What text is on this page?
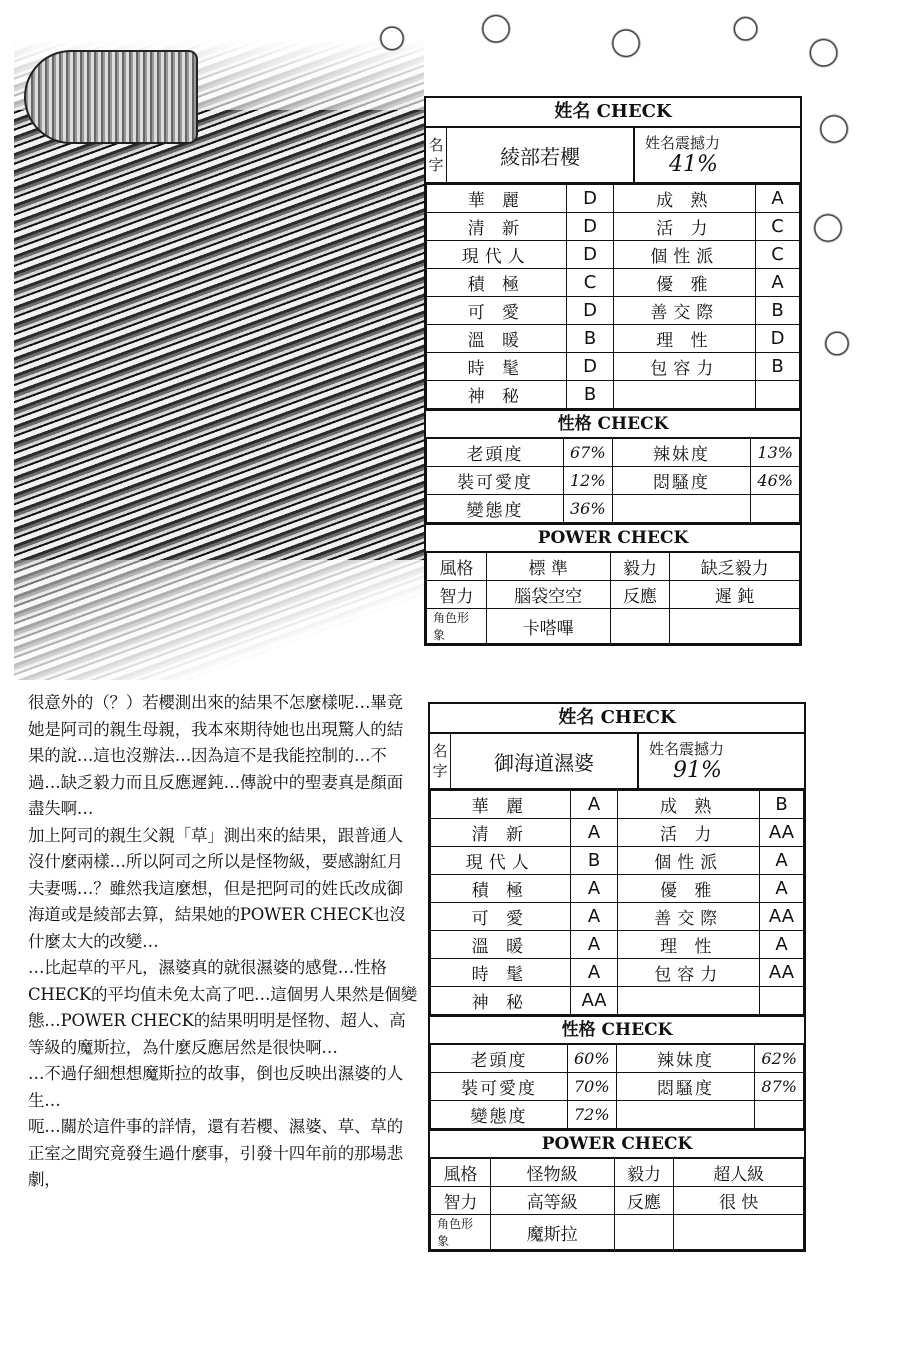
姓名 CHECK
名字	綾部若櫻
姓名震撼力
41%
華 麗	D	成 熟	A
清 新	D	活 力	C
現代人	D	個性派	C
積 極	C	優 雅	A
可 愛	D	善交際	B
溫 暖	B	理 性	D
時 髦	D	包容力	B
神 秘	B		
性格 CHECK
老頭度	67%	辣妹度	13%
裝可愛度	12%	悶騷度	46%
變態度	36%		
POWER CHECK
風格	標 準	毅力	缺乏毅力
智力	腦袋空空	反應	遲 鈍
角色形象	卡嗒嗶		
姓名 CHECK
名字	御海道濕婆
姓名震撼力
91%
華 麗	A	成 熟	B
清 新	A	活 力	AA
現代人	B	個性派	A
積 極	A	優 雅	A
可 愛	A	善交際	AA
溫 暖	A	理 性	A
時 髦	A	包容力	AA
神 秘	AA		
性格 CHECK
老頭度	60%	辣妹度	62%
裝可愛度	70%	悶騷度	87%
變態度	72%		
POWER CHECK
風格	怪物級	毅力	超人級
智力	高等級	反應	很 快
角色形象	魔斯拉		

很意外的（？）若櫻測出來的結果不怎麼樣呢…畢竟她是阿司的親生母親，我本來期待她也出現驚人的結果的說…這也沒辦法…因為這不是我能控制的…不過…缺乏毅力而且反應遲鈍…傳說中的聖妻真是顏面盡失啊…

加上阿司的親生父親「草」測出來的結果，跟普通人沒什麼兩樣…所以阿司之所以是怪物級，要感謝紅月夫妻嗎…？雖然我這麼想，但是把阿司的姓氏改成御海道或是綾部去算，結果她的POWER CHECK也沒什麼太大的改變…

…比起草的平凡，濕婆真的就很濕婆的感覺…性格CHECK的平均值未免太高了吧…這個男人果然是個變態…POWER CHECK的結果明明是怪物、超人、高等級的魔斯拉，為什麼反應居然是很快啊…

…不過仔細想想魔斯拉的故事，倒也反映出濕婆的人生…

呃…關於這件事的詳情，還有若櫻、濕婆、草、草的正室之間究竟發生過什麼事，引發十四年前的那場悲劇，
